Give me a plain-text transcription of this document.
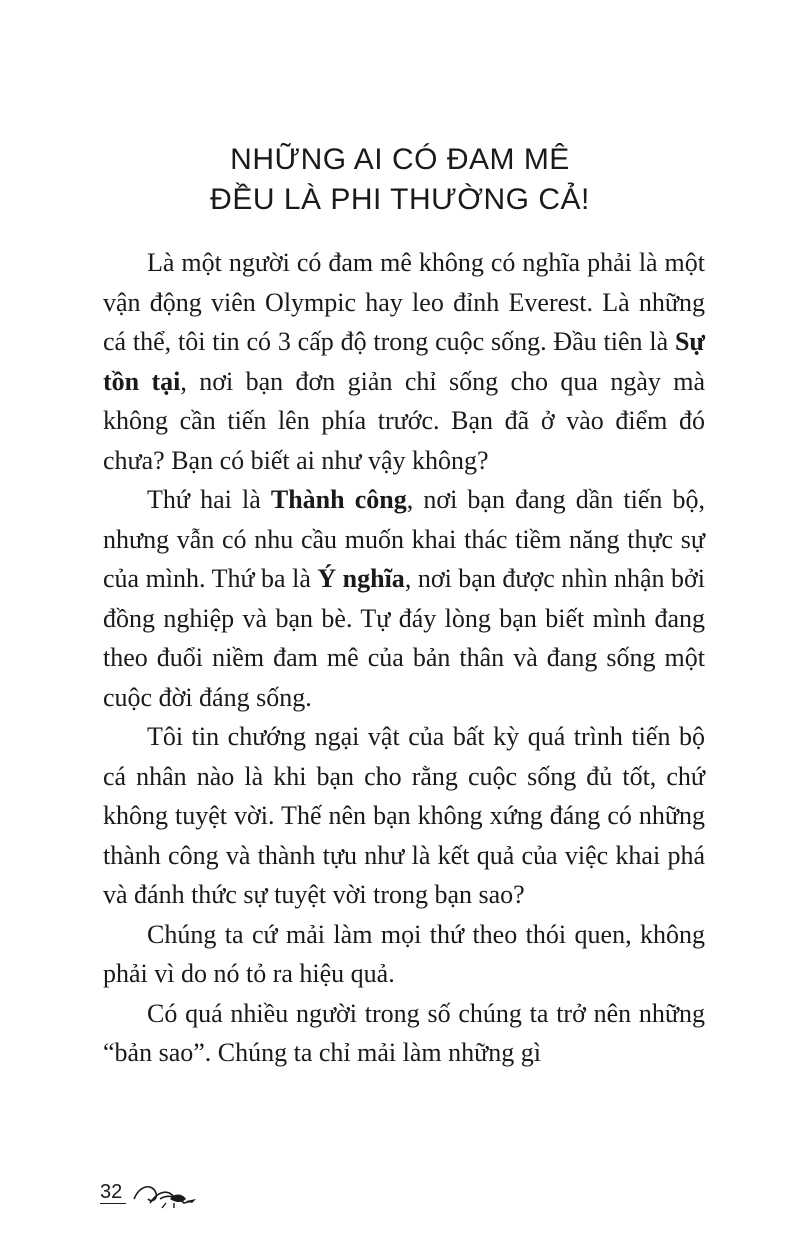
NHỮNG AI CÓ ĐAM MÊ
ĐỀU LÀ PHI THƯỜNG CẢ!

Là một người có đam mê không có nghĩa phải là một vận động viên Olympic hay leo đỉnh Everest. Là những cá thể, tôi tin có 3 cấp độ trong cuộc sống. Đầu tiên là Sự tồn tại, nơi bạn đơn giản chỉ sống cho qua ngày mà không cần tiến lên phía trước. Bạn đã ở vào điểm đó chưa? Bạn có biết ai như vậy không?

Thứ hai là Thành công, nơi bạn đang dần tiến bộ, nhưng vẫn có nhu cầu muốn khai thác tiềm năng thực sự của mình. Thứ ba là Ý nghĩa, nơi bạn được nhìn nhận bởi đồng nghiệp và bạn bè. Tự đáy lòng bạn biết mình đang theo đuổi niềm đam mê của bản thân và đang sống một cuộc đời đáng sống.

Tôi tin chướng ngại vật của bất kỳ quá trình tiến bộ cá nhân nào là khi bạn cho rằng cuộc sống đủ tốt, chứ không tuyệt vời. Thế nên bạn không xứng đáng có những thành công và thành tựu như là kết quả của việc khai phá và đánh thức sự tuyệt vời trong bạn sao?

Chúng ta cứ mải làm mọi thứ theo thói quen, không phải vì do nó tỏ ra hiệu quả.

Có quá nhiều người trong số chúng ta trở nên những “bản sao”. Chúng ta chỉ mải làm những gì

32
